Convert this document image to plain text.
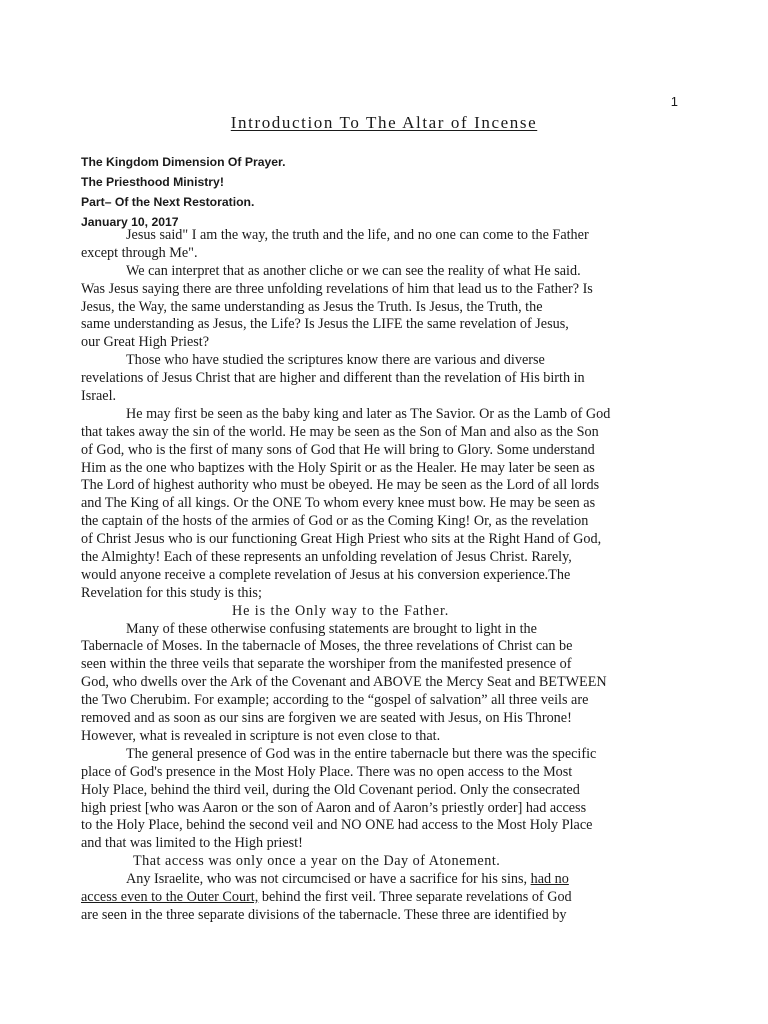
1
Introduction To The Altar of Incense
The Kingdom Dimension Of Prayer.
The Priesthood Ministry!
Part– Of the Next Restoration.
January 10, 2017
Jesus said" I am the way, the truth and the life, and no one can come to the Father
except through Me".
We can interpret that as another cliche or we can see the reality of what He said.
Was Jesus saying there are three unfolding revelations of him that lead us to the Father? Is
Jesus, the Way, the same understanding as Jesus the Truth. Is Jesus, the Truth, the
same understanding as Jesus, the Life? Is Jesus the LIFE the same revelation of Jesus,
our Great High Priest?
Those who have studied the scriptures know there are various and diverse
revelations of Jesus Christ that are higher and different than the revelation of His birth in
Israel.
He may first be seen as the baby king and later as The Savior. Or as the Lamb of God
that takes away the sin of the world. He may be seen as the Son of Man and also as the Son
of God, who is the first of many sons of God that He will bring to Glory. Some understand
Him as the one who baptizes with the Holy Spirit or as the Healer. He may later be seen as
The Lord of highest authority who must be obeyed. He may be seen as the Lord of all lords
and The King of all kings. Or the ONE To whom every knee must bow. He may be seen as
the captain of the hosts of the armies of God or as the Coming King! Or, as the revelation
of Christ Jesus who is our functioning Great High Priest who sits at the Right Hand of God,
the Almighty! Each of these represents an unfolding revelation of Jesus Christ. Rarely,
would anyone receive a complete revelation of Jesus at his conversion experience.The
Revelation for this study is this;
He is the Only way to the Father.
Many of these otherwise confusing statements are brought to light in the
Tabernacle of Moses. In the tabernacle of Moses, the three revelations of Christ can be
seen within the three veils that separate the worshiper from the manifested presence of
God, who dwells over the Ark of the Covenant and ABOVE the Mercy Seat and BETWEEN
the Two Cherubim. For example; according to the “gospel of salvation” all three veils are
removed and as soon as our sins are forgiven we are seated with Jesus, on His Throne!
However, what is revealed in scripture is not even close to that.
The general presence of God was in the entire tabernacle but there was the specific
place of God's presence in the Most Holy Place. There was no open access to the Most
Holy Place, behind the third veil, during the Old Covenant period. Only the consecrated
high priest [who was Aaron or the son of Aaron and of Aaron’s priestly order] had access
to the Holy Place, behind the second veil and NO ONE had access to the Most Holy Place
and that was limited to the High priest!
That access was only once a year on the Day of Atonement.
Any Israelite, who was not circumcised or have a sacrifice for his sins, had no
access even to the Outer Court, behind the first veil. Three separate revelations of God
are seen in the three separate divisions of the tabernacle. These three are identified by
